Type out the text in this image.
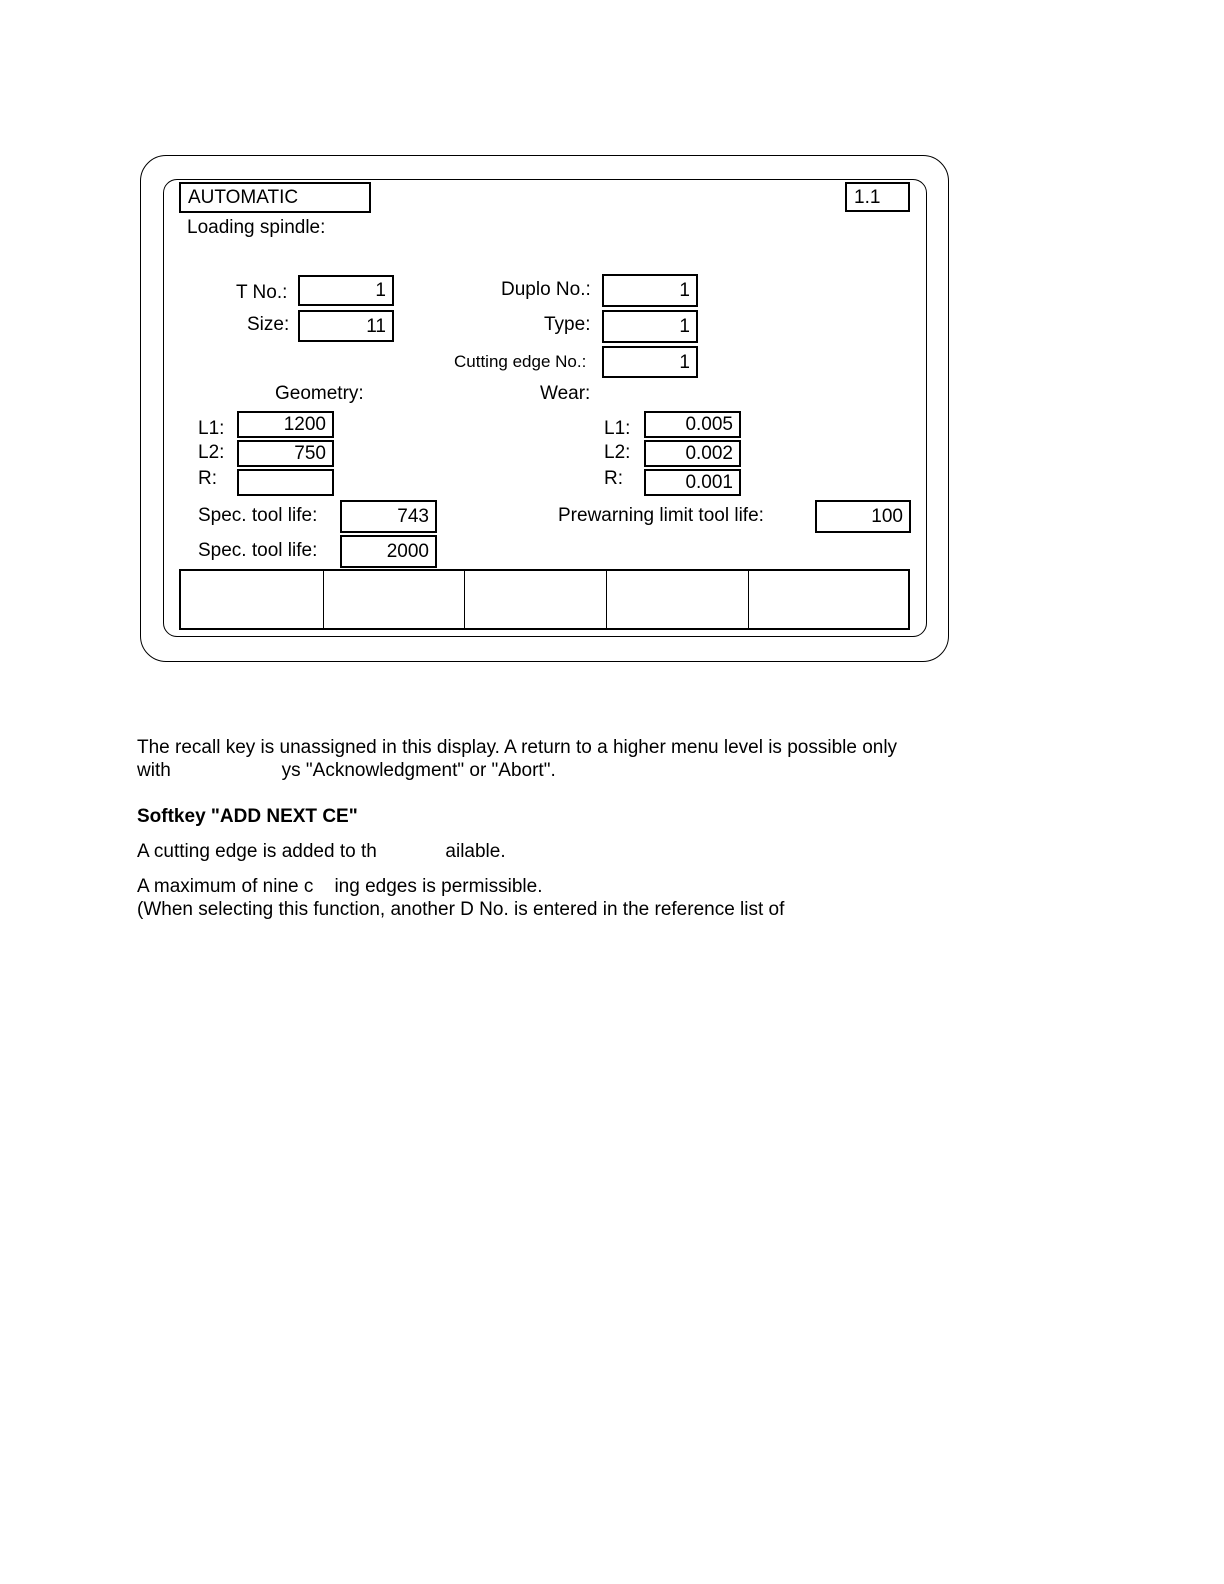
AUTOMATIC	1.1
Loading spindle:
T No.:	1
Size:	11
Duplo No.:	1
Type:	1
Cutting edge No.:	1
Geometry:
L1:	1200
L2:	750
R:
Wear:
L1:	0.005
L2:	0.002
R:	0.001
Spec. tool life:	743	Prewarning limit tool life:	100
Spec. tool life:	2000
The recall key is unassigned in this display. A return to a higher menu level is possible only
with                     ys "Acknowledgment" or "Abort".
Softkey "ADD NEXT CE"
A cutting edge is added to th             ailable.
A maximum of nine c    ing edges is permissible.
(When selecting this function, another D No. is entered in the reference list of
